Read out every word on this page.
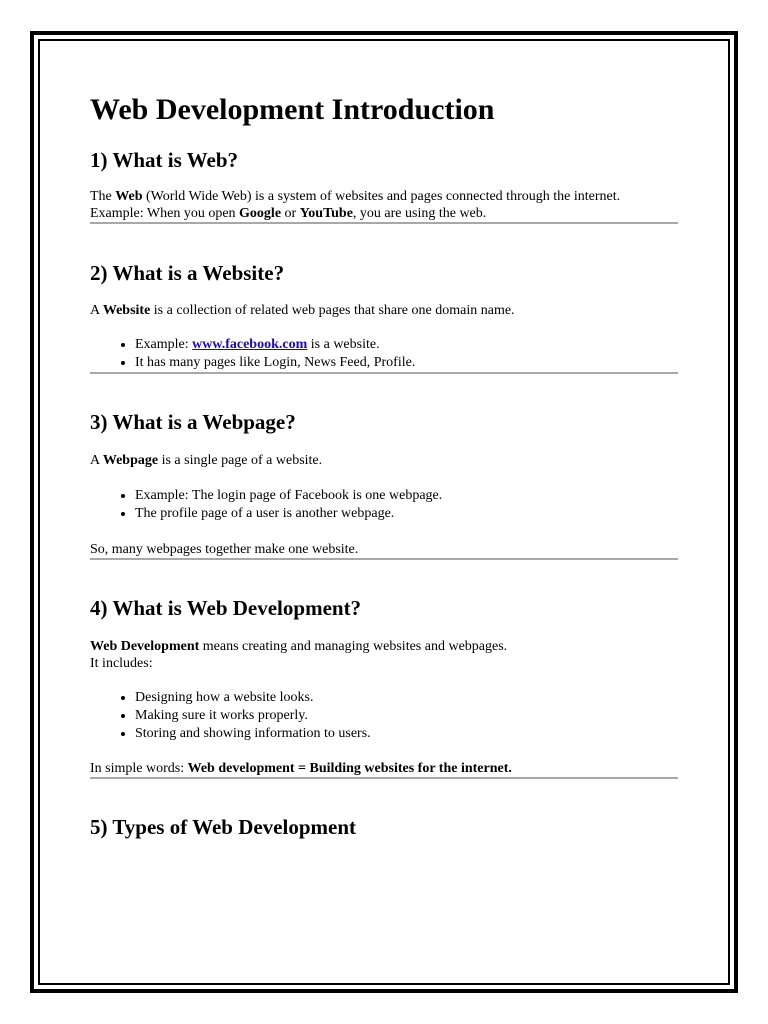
Web Development Introduction
1) What is Web?

The Web (World Wide Web) is a system of websites and pages connected through the internet.
Example: When you open Google or YouTube, you are using the web.

2) What is a Website?

A Website is a collection of related web pages that share one domain name.

• Example: www.facebook.com is a website.
• It has many pages like Login, News Feed, Profile.
3) What is a Webpage?

A Webpage is a single page of a website.

• Example: The login page of Facebook is one webpage.
• The profile page of a user is another webpage.

So, many webpages together make one website.

4) What is Web Development?

Web Development means creating and managing websites and webpages.
It includes:

• Designing how a website looks.
• Making sure it works properly.
• Storing and showing information to users.

In simple words: Web development = Building websites for the internet.

5) Types of Web Development
